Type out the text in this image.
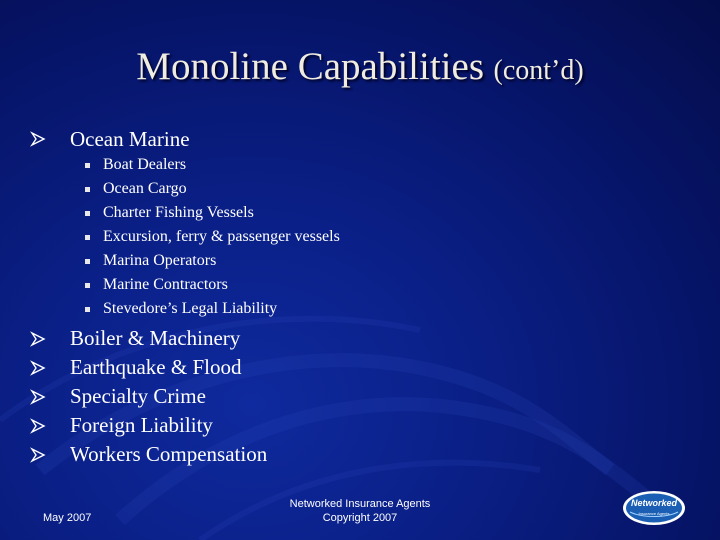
Monoline Capabilities (cont’d)
Ocean Marine
Boat Dealers
Ocean Cargo
Charter Fishing Vessels
Excursion, ferry & passenger vessels
Marina Operators
Marine Contractors
Stevedore’s Legal Liability
Boiler & Machinery
Earthquake & Flood
Specialty Crime
Foreign Liability
Workers Compensation
May 2007
Networked Insurance Agents
Copyright 2007
Networked
Insurance Agents
